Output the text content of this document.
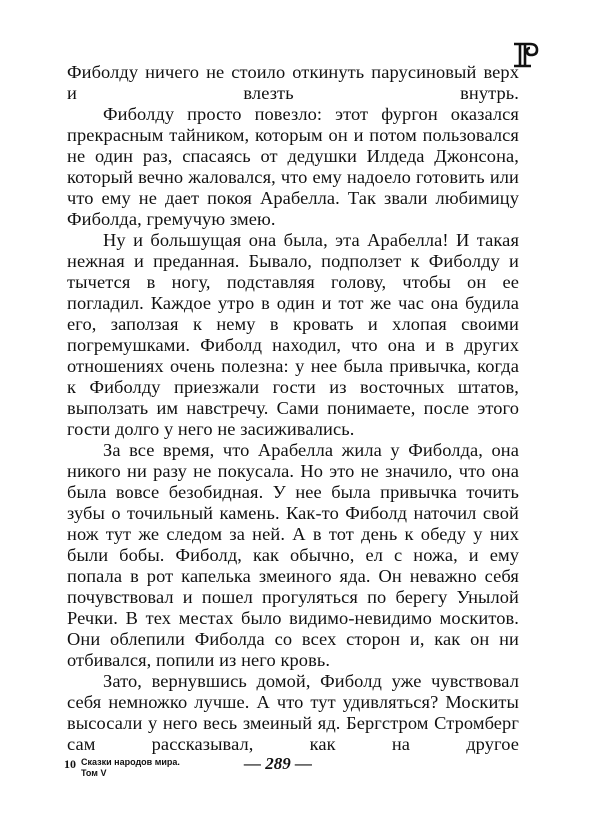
Фиболду ничего не стоило откинуть парусиновый верх и влезть внутрь.

Фиболду просто повезло: этот фургон оказался прекрасным тайником, которым он и потом пользовался не один раз, спасаясь от дедушки Илдеда Джонсона, который вечно жаловался, что ему надоело готовить или что ему не дает покоя Арабелла. Так звали любимицу Фиболда, гремучую змею.

Ну и большущая она была, эта Арабелла! И такая нежная и преданная. Бывало, подползет к Фиболду и тычется в ногу, подставляя голову, чтобы он ее погладил. Каждое утро в один и тот же час она будила его, заползая к нему в кровать и хлопая своими погремушками. Фиболд находил, что она и в других отношениях очень полезна: у нее была привычка, когда к Фиболду приезжали гости из восточных штатов, выползать им навстречу. Сами понимаете, после этого гости долго у него не засиживались.

За все время, что Арабелла жила у Фиболда, она никого ни разу не покусала. Но это не значило, что она была вовсе безобидная. У нее была привычка точить зубы о точильный камень. Как-то Фиболд наточил свой нож тут же следом за ней. А в тот день к обеду у них были бобы. Фиболд, как обычно, ел с ножа, и ему попала в рот капелька змеиного яда. Он неважно себя почувствовал и пошел прогуляться по берегу Унылой Речки. В тех местах было видимо-невидимо москитов. Они облепили Фиболда со всех сторон и, как он ни отбивался, попили из него кровь.

Зато, вернувшись домой, Фиболд уже чувствовал себя немножко лучше. А что тут удивляться? Москиты высосали у него весь змеиный яд. Бергстром Стромберг сам рассказывал, как на другое

10 Сказки народов мира.
Том V	— 289 —
